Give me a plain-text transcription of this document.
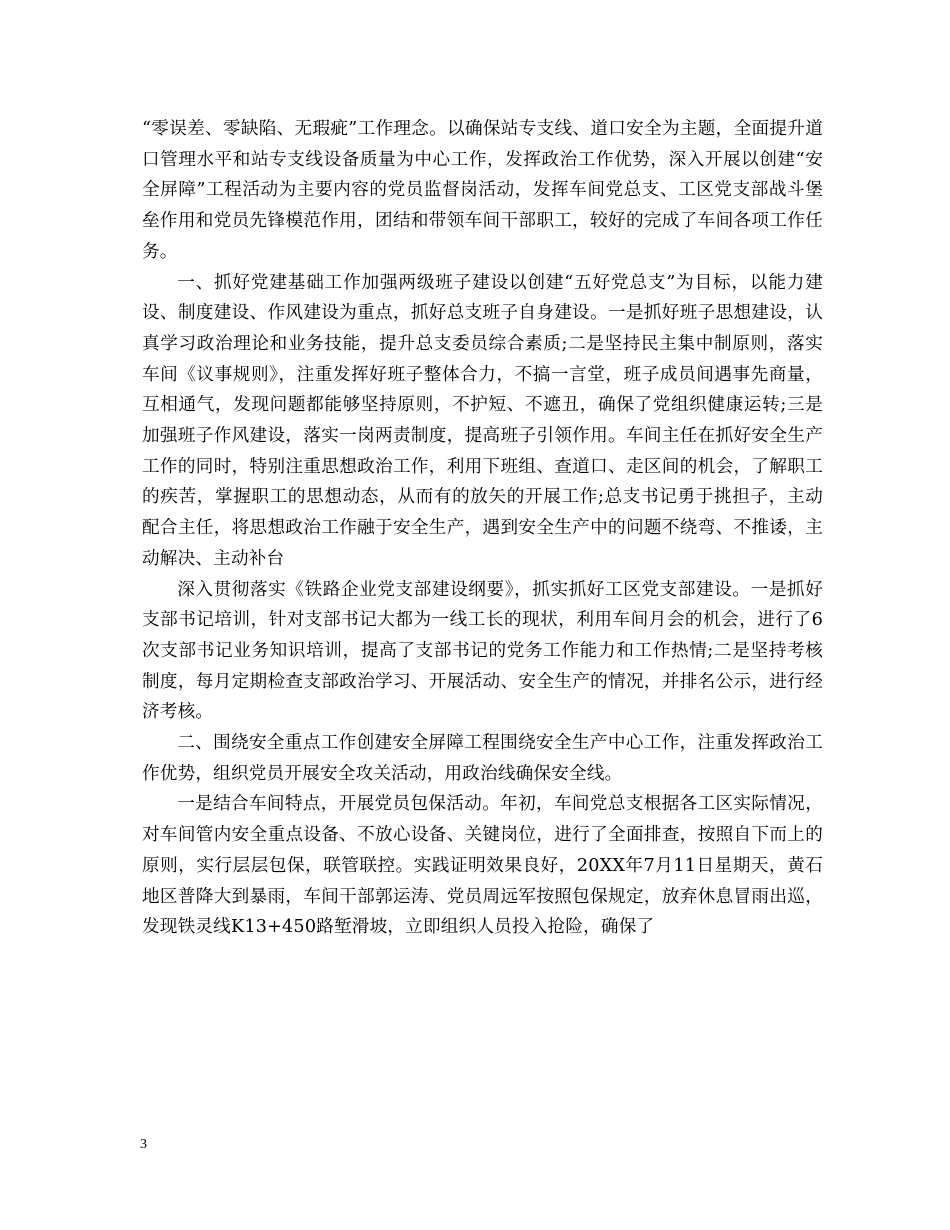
“零误差、零缺陷、无瑕疵”工作理念。以确保站专支线、道口安全为主题，全面提升道口管理水平和站专支线设备质量为中心工作，发挥政治工作优势，深入开展以创建“安全屏障”工程活动为主要内容的党员监督岗活动，发挥车间党总支、工区党支部战斗堡垒作用和党员先锋模范作用，团结和带领车间干部职工，较好的完成了车间各项工作任务。

一、抓好党建基础工作加强两级班子建设以创建“五好党总支”为目标，以能力建设、制度建设、作风建设为重点，抓好总支班子自身建设。一是抓好班子思想建设，认真学习政治理论和业务技能，提升总支委员综合素质;二是坚持民主集中制原则，落实车间《议事规则》，注重发挥好班子整体合力，不搞一言堂，班子成员间遇事先商量，互相通气，发现问题都能够坚持原则，不护短、不遮丑，确保了党组织健康运转;三是加强班子作风建设，落实一岗两责制度，提高班子引领作用。车间主任在抓好安全生产工作的同时，特别注重思想政治工作，利用下班组、查道口、走区间的机会，了解职工的疾苦，掌握职工的思想动态，从而有的放矢的开展工作;总支书记勇于挑担子，主动配合主任，将思想政治工作融于安全生产，遇到安全生产中的问题不绕弯、不推诿，主动解决、主动补台

深入贯彻落实《铁路企业党支部建设纲要》，抓实抓好工区党支部建设。一是抓好支部书记培训，针对支部书记大都为一线工长的现状，利用车间月会的机会，进行了6次支部书记业务知识培训，提高了支部书记的党务工作能力和工作热情;二是坚持考核制度，每月定期检查支部政治学习、开展活动、安全生产的情况，并排名公示，进行经济考核。

二、围绕安全重点工作创建安全屏障工程围绕安全生产中心工作，注重发挥政治工作优势，组织党员开展安全攻关活动，用政治线确保安全线。

一是结合车间特点，开展党员包保活动。年初，车间党总支根据各工区实际情况，对车间管内安全重点设备、不放心设备、关键岗位，进行了全面排查，按照自下而上的原则，实行层层包保，联管联控。实践证明效果良好，20XX年7月11日星期天，黄石地区普降大到暴雨，车间干部郭运涛、党员周远军按照包保规定，放弃休息冒雨出巡，发现铁灵线K13+450路堑滑坡，立即组织人员投入抢险，确保了

3
